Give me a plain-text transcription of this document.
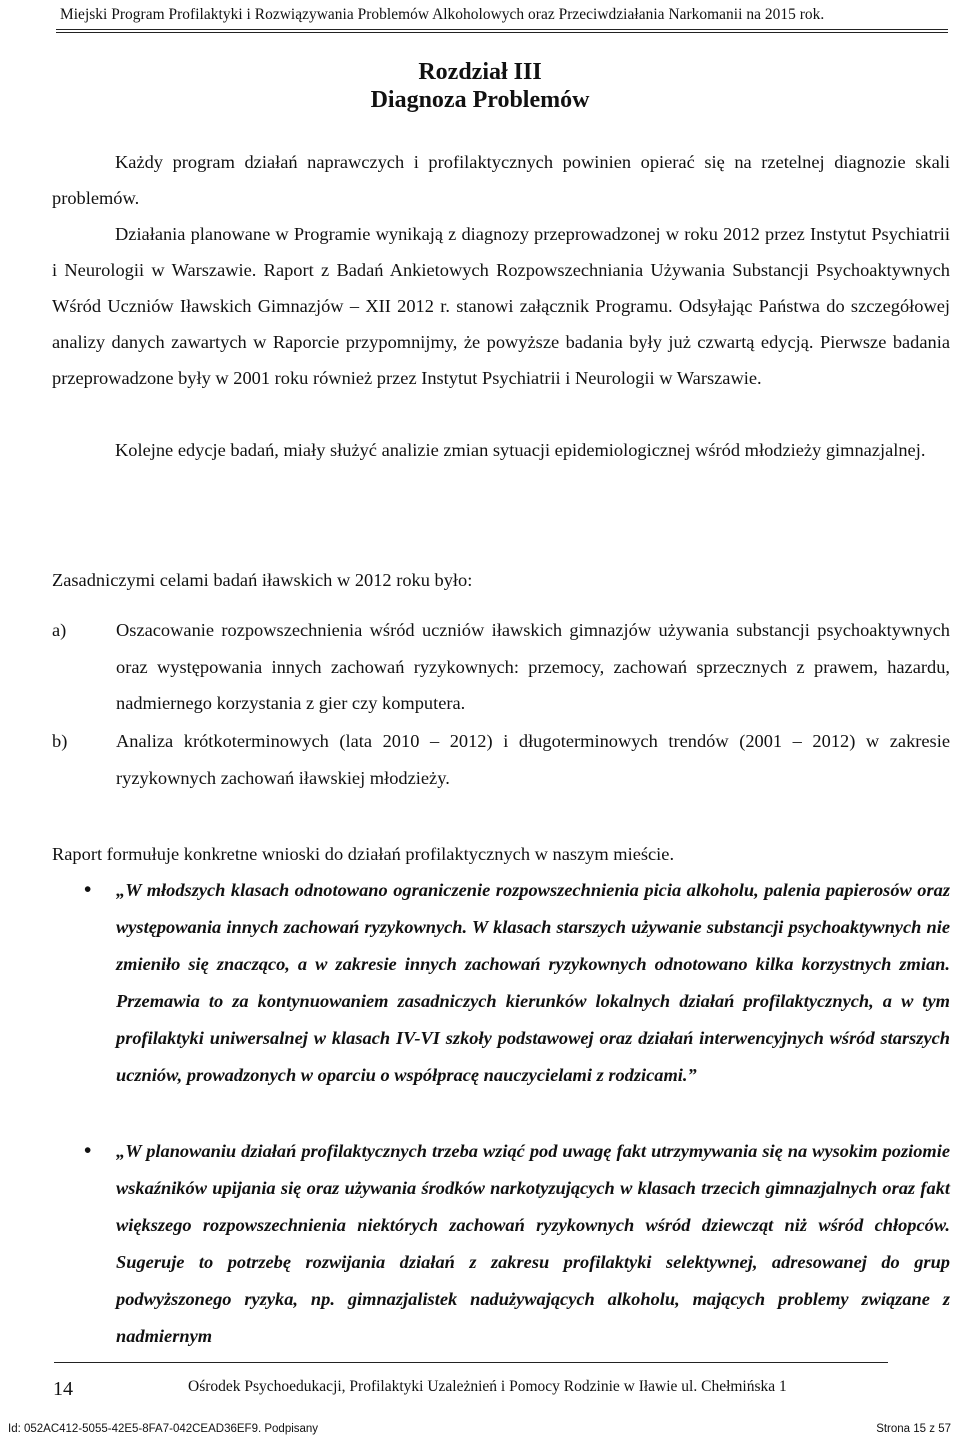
Miejski Program Profilaktyki i Rozwiązywania Problemów Alkoholowych oraz Przeciwdziałania Narkomanii na 2015 rok.
Rozdział III
Diagnoza Problemów
Każdy program działań naprawczych i profilaktycznych powinien opierać się na rzetelnej diagnozie skali problemów.
Działania planowane w Programie wynikają z diagnozy przeprowadzonej w roku 2012 przez Instytut Psychiatrii i Neurologii w Warszawie. Raport z Badań Ankietowych Rozpowszechniania Używania Substancji Psychoaktywnych Wśród Uczniów Iławskich Gimnazjów – XII 2012 r. stanowi załącznik Programu. Odsyłając Państwa do szczegółowej analizy danych zawartych w Raporcie przypomnijmy, że powyższe badania były już czwartą edycją. Pierwsze badania przeprowadzone były w 2001 roku również przez Instytut Psychiatrii i Neurologii w Warszawie.
Kolejne edycje badań, miały służyć analizie zmian sytuacji epidemiologicznej wśród młodzieży gimnazjalnej.
Zasadniczymi celami badań iławskich w 2012 roku było:
a)	Oszacowanie rozpowszechnienia wśród uczniów iławskich gimnazjów używania substancji psychoaktywnych oraz występowania innych zachowań ryzykownych: przemocy, zachowań sprzecznych z prawem, hazardu, nadmiernego korzystania z gier czy komputera.
b)	Analiza krótkoterminowych (lata 2010 – 2012) i długoterminowych trendów (2001 – 2012) w zakresie ryzykownych zachowań iławskiej młodzieży.
Raport formułuje konkretne wnioski do działań profilaktycznych w naszym mieście.
• „W młodszych klasach odnotowano ograniczenie rozpowszechnienia picia alkoholu, palenia papierosów oraz występowania innych zachowań ryzykownych. W klasach starszych używanie substancji psychoaktywnych nie zmieniło się znacząco, a w zakresie innych zachowań ryzykownych odnotowano kilka korzystnych zmian. Przemawia to za kontynuowaniem zasadniczych kierunków lokalnych działań profilaktycznych, a w tym profilaktyki uniwersalnej w klasach IV-VI szkoły podstawowej oraz działań interwencyjnych wśród starszych uczniów, prowadzonych w oparciu o współpracę nauczycielami z rodzicami.”
• „W planowaniu działań profilaktycznych trzeba wziąć pod uwagę fakt utrzymywania się na wysokim poziomie wskaźników upijania się oraz używania środków narkotyzujących w klasach trzecich gimnazjalnych oraz fakt większego rozpowszechnienia niektórych zachowań ryzykownych wśród dziewcząt niż wśród chłopców. Sugeruje to potrzebę rozwijania działań z zakresu profilaktyki selektywnej, adresowanej do grup podwyższonego ryzyka, np. gimnazjalistek nadużywających alkoholu, mających problemy związane z nadmiernym
14	Ośrodek Psychoedukacji, Profilaktyki Uzależnień i Pomocy Rodzinie w Iławie ul. Chełmińska 1
Id: 052AC412-5055-42E5-8FA7-042CEAD36EF9. Podpisany	Strona 15 z 57
